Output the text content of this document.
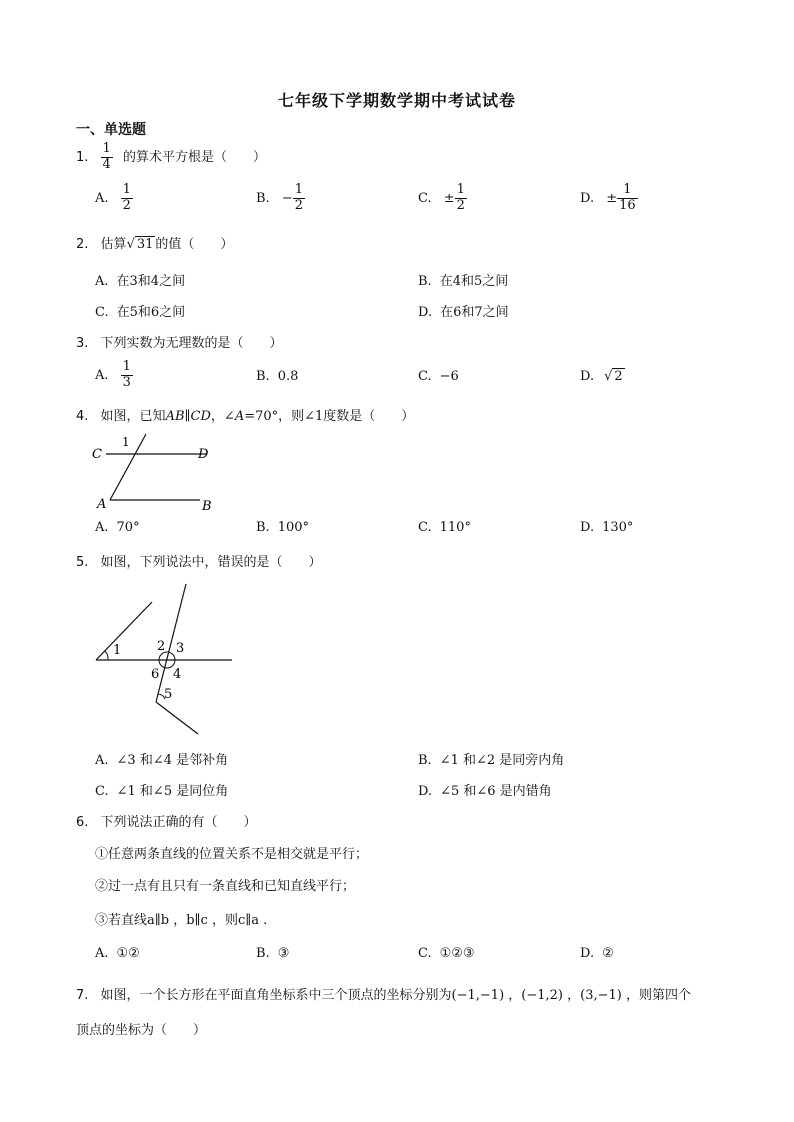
七年级下学期数学期中考试试卷
一、单选题
1. $\frac{1}{4}$ 的算术平方根是（　　）
A. $\frac{1}{2}$	B. − $\frac{1}{2}$	C. ± $\frac{1}{2}$	D. ± $\frac{1}{16}$
2. 估算√ 31 的值（　　）
A. 在3和4之间	B. 在4和5之间
C. 在5和6之间	D. 在6和7之间
3. 下列实数为无理数的是（　　）
A. $\frac{1}{3}$	B. 0.8	C. −6	D. √ 2
4. 如图，已知AB∥CD，∠A=70°，则∠1度数是（　　）
C	D
A	B
1
A. 70°	B. 100°	C. 110°	D. 130°
5. 如图，下列说法中，错误的是（　　）
1	2 3
4
6
5
A. ∠3 和∠4 是邻补角	B. ∠1 和∠2 是同旁内角
C. ∠1 和∠5 是同位角	D. ∠5 和∠6 是内错角
6. 下列说法正确的有（　　）
①任意两条直线的位置关系不是相交就是平行；
②过一点有且只有一条直线和已知直线平行；
③若直线a∥b ，b∥c ，则c∥a .
A. ①②	B. ③	C. ①②③	D. ②
7. 如图，一个长方形在平面直角坐标系中三个顶点的坐标分别为(−1,−1) ，(−1,2) ，(3,−1) ，则第四个
顶点的坐标为（　　）
